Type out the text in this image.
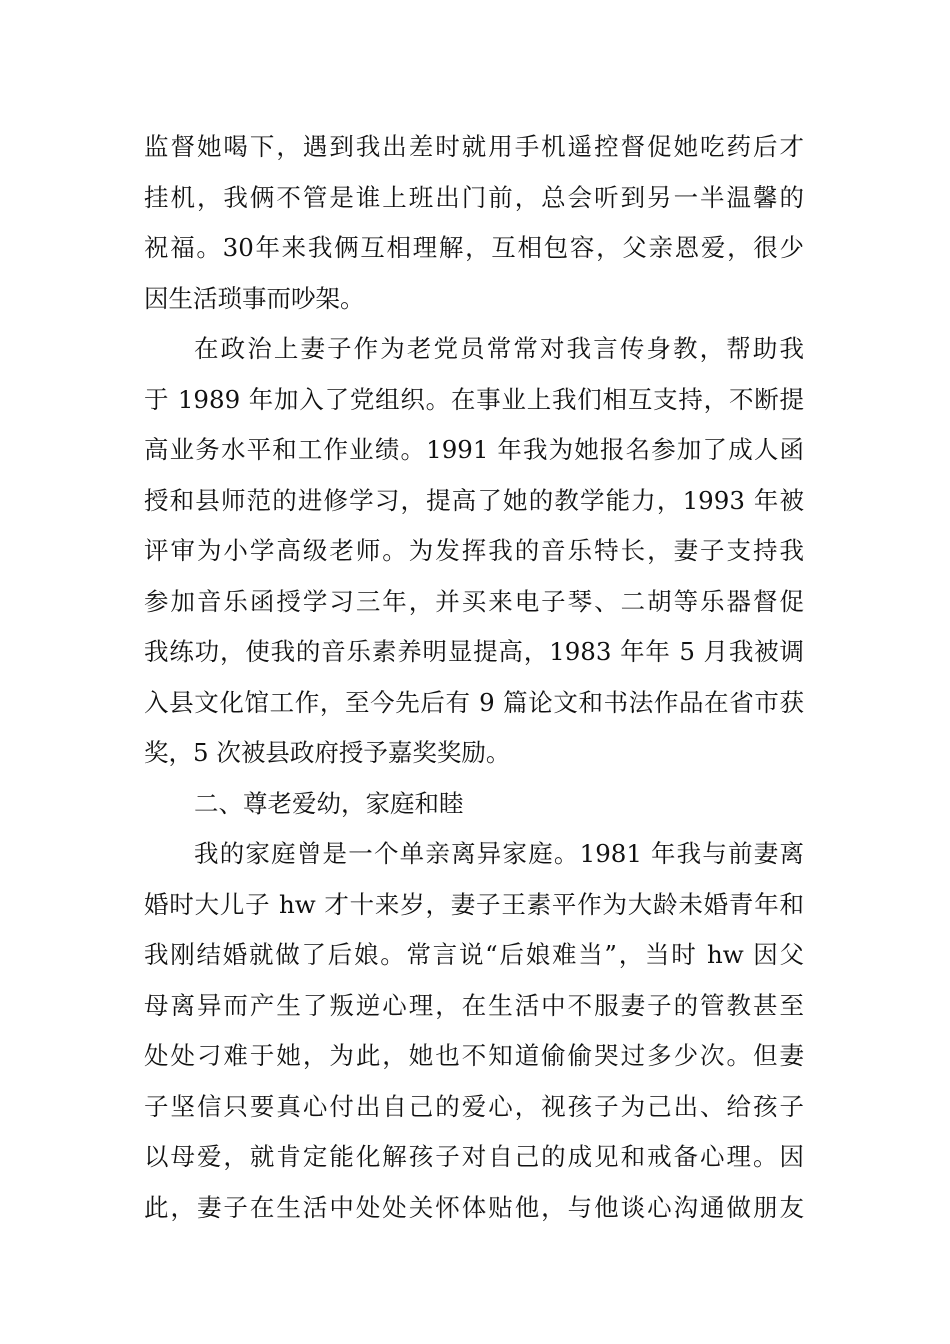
监督她喝下，遇到我出差时就用手机遥控督促她吃药后才
挂机，我俩不管是谁上班出门前，总会听到另一半温馨的
祝福。30年来我俩互相理解，互相包容，父亲恩爱，很少
因生活琐事而吵架。
在政治上妻子作为老党员常常对我言传身教，帮助我
于 1989 年加入了党组织。在事业上我们相互支持，不断提
高业务水平和工作业绩。1991 年我为她报名参加了成人函
授和县师范的进修学习，提高了她的教学能力，1993 年被
评审为小学高级老师。为发挥我的音乐特长，妻子支持我
参加音乐函授学习三年，并买来电子琴、二胡等乐器督促
我练功，使我的音乐素养明显提高，1983 年年 5 月我被调
入县文化馆工作，至今先后有 9 篇论文和书法作品在省市获
奖，5 次被县政府授予嘉奖奖励。
二、尊老爱幼，家庭和睦
我的家庭曾是一个单亲离异家庭。1981 年我与前妻离
婚时大儿子 hw 才十来岁，妻子王素平作为大龄未婚青年和
我刚结婚就做了后娘。常言说“后娘难当”，当时 hw 因父
母离异而产生了叛逆心理，在生活中不服妻子的管教甚至
处处刁难于她，为此，她也不知道偷偷哭过多少次。但妻
子坚信只要真心付出自己的爱心，视孩子为己出、给孩子
以母爱，就肯定能化解孩子对自己的成见和戒备心理。因
此，妻子在生活中处处关怀体贴他，与他谈心沟通做朋友
